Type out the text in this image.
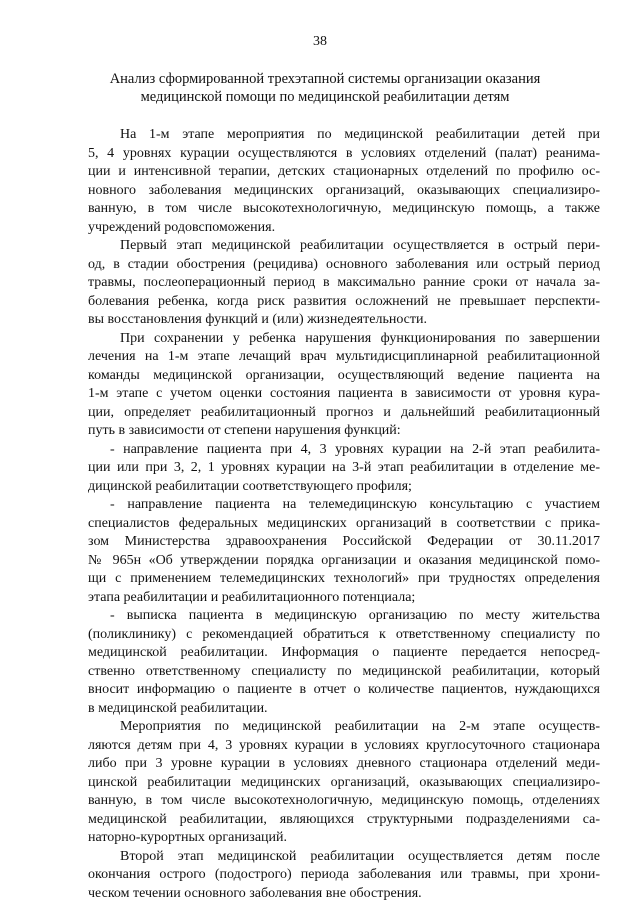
38
Анализ сформированной трехэтапной системы организации оказания
медицинской помощи по медицинской реабилитации детям
На 1-м этапе мероприятия по медицинской реабилитации детей при
5, 4 уровнях курации осуществляются в условиях отделений (палат) реанима-
ции и интенсивной терапии, детских стационарных отделений по профилю ос-
новного заболевания медицинских организаций, оказывающих специализиро-
ванную, в том числе высокотехнологичную, медицинскую помощь, а также
учреждений родовспоможения.
Первый этап медицинской реабилитации осуществляется в острый пери-
од, в стадии обострения (рецидива) основного заболевания или острый период
травмы, послеоперационный период в максимально ранние сроки от начала за-
болевания ребенка, когда риск развития осложнений не превышает перспекти-
вы восстановления функций и (или) жизнедеятельности.
При сохранении у ребенка нарушения функционирования по завершении
лечения на 1-м этапе лечащий врач мультидисциплинарной реабилитационной
команды медицинской организации, осуществляющий ведение пациента на
1-м этапе с учетом оценки состояния пациента в зависимости от уровня кура-
ции, определяет реабилитационный прогноз и дальнейший реабилитационный
путь в зависимости от степени нарушения функций:
- направление пациента при 4, 3 уровнях курации на 2-й этап реабилита-
ции или при 3, 2, 1 уровнях курации на 3-й этап реабилитации в отделение ме-
дицинской реабилитации соответствующего профиля;
- направление пациента на телемедицинскую консультацию с участием
специалистов федеральных медицинских организаций в соответствии с прика-
зом Министерства здравоохранения Российской Федерации от 30.11.2017
№ 965н «Об утверждении порядка организации и оказания медицинской помо-
щи с применением телемедицинских технологий» при трудностях определения
этапа реабилитации и реабилитационного потенциала;
- выписка пациента в медицинскую организацию по месту жительства
(поликлинику) с рекомендацией обратиться к ответственному специалисту по
медицинской реабилитации. Информация о пациенте передается непосред-
ственно ответственному специалисту по медицинской реабилитации, который
вносит информацию о пациенте в отчет о количестве пациентов, нуждающихся
в медицинской реабилитации.
Мероприятия по медицинской реабилитации на 2-м этапе осуществ-
ляются детям при 4, 3 уровнях курации в условиях круглосуточного стационара
либо при 3 уровне курации в условиях дневного стационара отделений меди-
цинской реабилитации медицинских организаций, оказывающих специализиро-
ванную, в том числе высокотехнологичную, медицинскую помощь, отделениях
медицинской реабилитации, являющихся структурными подразделениями са-
наторно-курортных организаций.
Второй этап медицинской реабилитации осуществляется детям после
окончания острого (подострого) периода заболевания или травмы, при хрони-
ческом течении основного заболевания вне обострения.
